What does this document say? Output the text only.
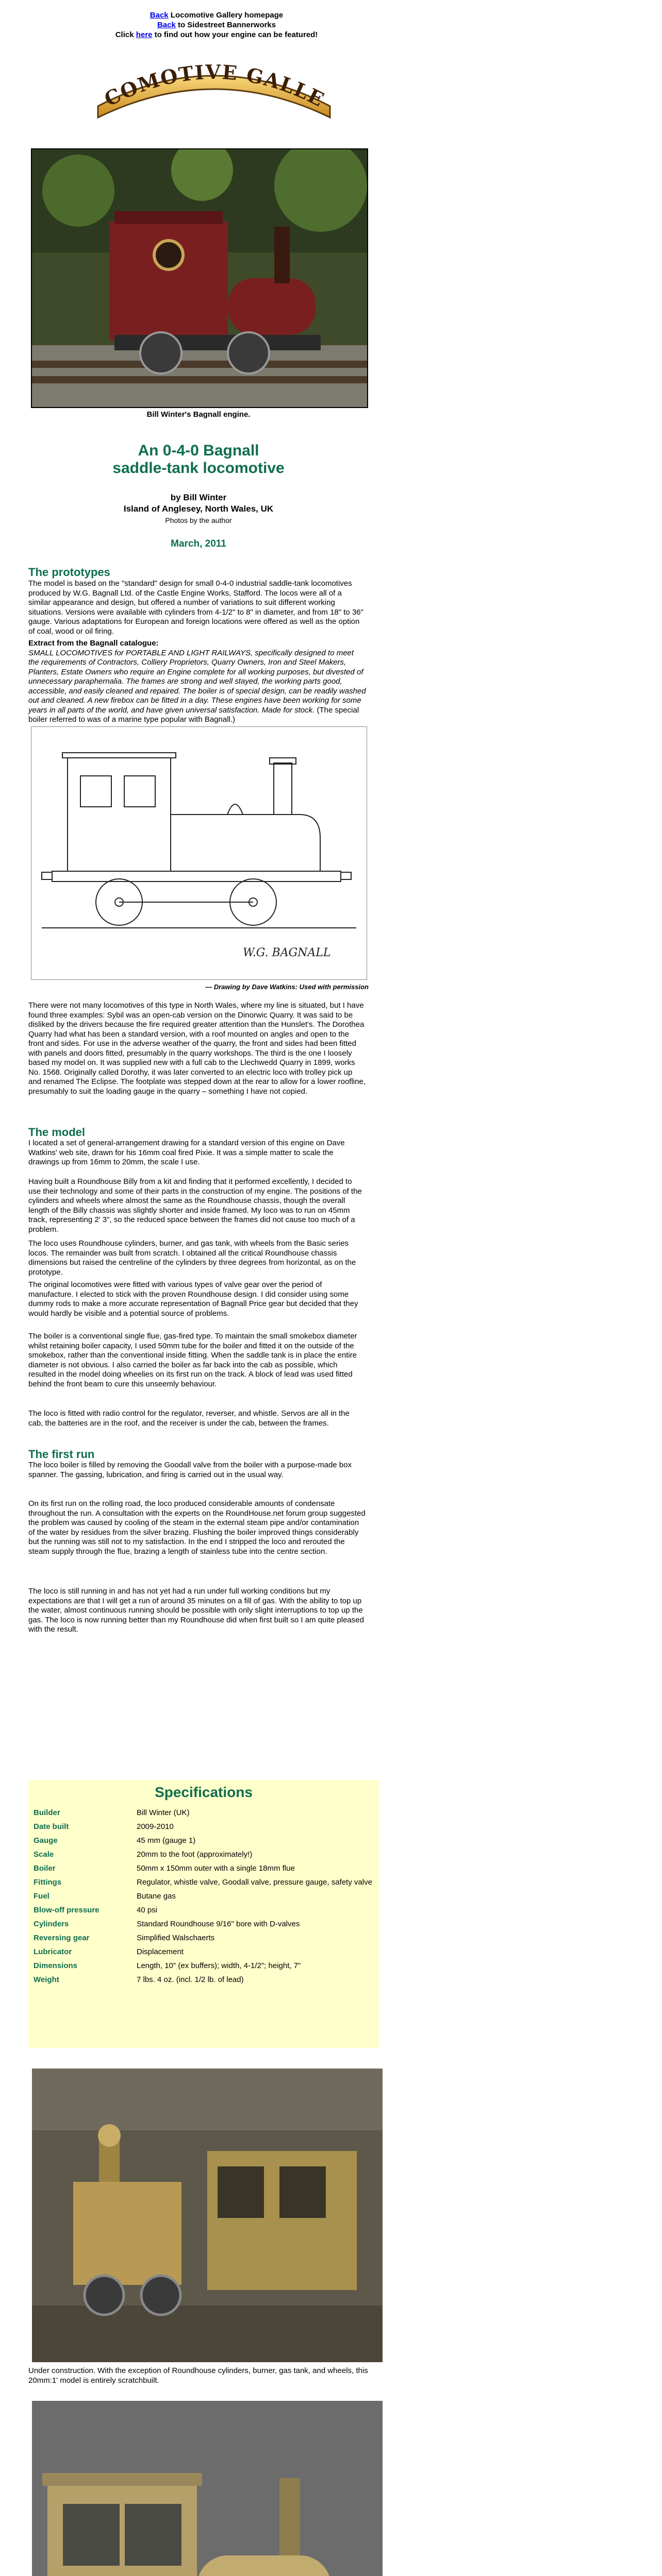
Back Locomotive Gallery homepage
Back to Sidestreet Bannerworks
Click here to find out how your engine can be featured!
COMOTIVE GALLE
Bill Winter's Bagnall engine.
An 0-4-0 Bagnall
saddle-tank locomotive
by Bill Winter
Island of Anglesey, North Wales, UK
Photos by the author
March, 2011
The prototypes
The model is based on the "standard" design for small 0-4-0 industrial saddle-tank locomotives produced by W.G. Bagnall Ltd. of the Castle Engine Works, Stafford. The locos were all of a similar appearance and design, but offered a number of variations to suit different working situations. Versions were available with cylinders from 4-1/2" to 8" in diameter, and from 18" to 36" gauge. Various adaptations for European and foreign locations were offered as well as the option of coal, wood or oil firing.
Extract from the Bagnall catalogue:
SMALL LOCOMOTIVES for PORTABLE AND LIGHT RAILWAYS, specifically designed to meet the requirements of Contractors, Colliery Proprietors, Quarry Owners, Iron and Steel Makers, Planters, Estate Owners who require an Engine complete for all working purposes, but divested of unnecessary paraphernalia. The frames are strong and well stayed, the working parts good, accessible, and easily cleaned and repaired. The boiler is of special design, can be readily washed out and cleaned. A new firebox can be fitted in a day. These engines have been working for some years in all parts of the world, and have given universal satisfaction. Made for stock. (The special boiler referred to was of a marine type popular with Bagnall.)
W.G. BAGNALL
— Drawing by Dave Watkins: Used with permission
There were not many locomotives of this type in North Wales, where my line is situated, but I have found three examples: Sybil was an open-cab version on the Dinorwic Quarry. It was said to be disliked by the drivers because the fire required greater attention than the Hunslet's. The Dorothea Quarry had what has been a standard version, with a roof mounted on angles and open to the front and sides. For use in the adverse weather of the quarry, the front and sides had been fitted with panels and doors fitted, presumably in the quarry workshops. The third is the one I loosely based my model on. It was supplied new with a full cab to the Llechwedd Quarry in 1899, works No. 1568. Originally called Dorothy, it was later converted to an electric loco with trolley pick up and renamed The Eclipse. The footplate was stepped down at the rear to allow for a lower roofline, presumably to suit the loading gauge in the quarry – something I have not copied.
The model
I located a set of general-arrangement drawing for a standard version of this engine on Dave Watkins' web site, drawn for his 16mm coal fired Pixie. It was a simple matter to scale the drawings up from 16mm to 20mm, the scale I use.
Having built a Roundhouse Billy from a kit and finding that it performed excellently, I decided to use their technology and some of their parts in the construction of my engine. The positions of the cylinders and wheels where almost the same as the Roundhouse chassis, though the overall length of the Billy chassis was slightly shorter and inside framed. My loco was to run on 45mm track, representing 2' 3", so the reduced space between the frames did not cause too much of a problem.
The loco uses Roundhouse cylinders, burner, and gas tank, with wheels from the Basic series locos. The remainder was built from scratch. I obtained all the critical Roundhouse chassis dimensions but raised the centreline of the cylinders by three degrees from horizontal, as on the prototype.
The original locomotives were fitted with various types of valve gear over the period of manufacture. I elected to stick with the proven Roundhouse design. I did consider using some dummy rods to make a more accurate representation of Bagnall Price gear but decided that they would hardly be visible and a potential source of problems.
The boiler is a conventional single flue, gas-fired type. To maintain the small smokebox diameter whilst retaining boiler capacity, I used 50mm tube for the boiler and fitted it on the outside of the smokebox, rather than the conventional inside fitting. When the saddle tank is in place the entire diameter is not obvious. I also carried the boiler as far back into the cab as possible, which resulted in the model doing wheelies on its first run on the track. A block of lead was used fitted behind the front beam to cure this unseemly behaviour.
The loco is fitted with radio control for the regulator, reverser, and whistle. Servos are all in the cab, the batteries are in the roof, and the receiver is under the cab, between the frames.
The first run
The loco boiler is filled by removing the Goodall valve from the boiler with a purpose-made box spanner. The gassing, lubrication, and firing is carried out in the usual way.
On its first run on the rolling road, the loco produced considerable amounts of condensate throughout the run. A consultation with the experts on the RoundHouse.net forum group suggested the problem was caused by cooling of the steam in the external steam pipe and/or contamination of the water by residues from the silver brazing. Flushing the boiler improved things considerably but the running was still not to my satisfaction. In the end I stripped the loco and rerouted the steam supply through the flue, brazing a length of stainless tube into the centre section.
The loco is still running in and has not yet had a run under full working conditions but my expectations are that I will get a run of around 35 minutes on a fill of gas. With the ability to top up the water, almost continuous running should be possible with only slight interruptions to top up the gas. The loco is now running better than my Roundhouse did when first built so I am quite pleased with the result.
Specifications
Builder	Bill Winter (UK)
Date built	2009-2010
Gauge	45 mm (gauge 1)
Scale	20mm to the foot (approximately!)
Boiler	50mm x 150mm outer with a single 18mm flue
Fittings	Regulator, whistle valve, Goodall valve, pressure gauge, safety valve
Fuel	Butane gas
Blow-off pressure	40 psi
Cylinders	Standard Roundhouse 9/16" bore with D-valves
Reversing gear	Simplified Walschaerts
Lubricator	Displacement
Dimensions	Length, 10" (ex buffers); width, 4-1/2"; height, 7"
Weight	7 lbs. 4 oz. (incl. 1/2 lb. of lead)
Under construction. With the exception of Roundhouse cylinders, burner, gas tank, and wheels, this 20mm:1' model is entirely scratchbuilt.
